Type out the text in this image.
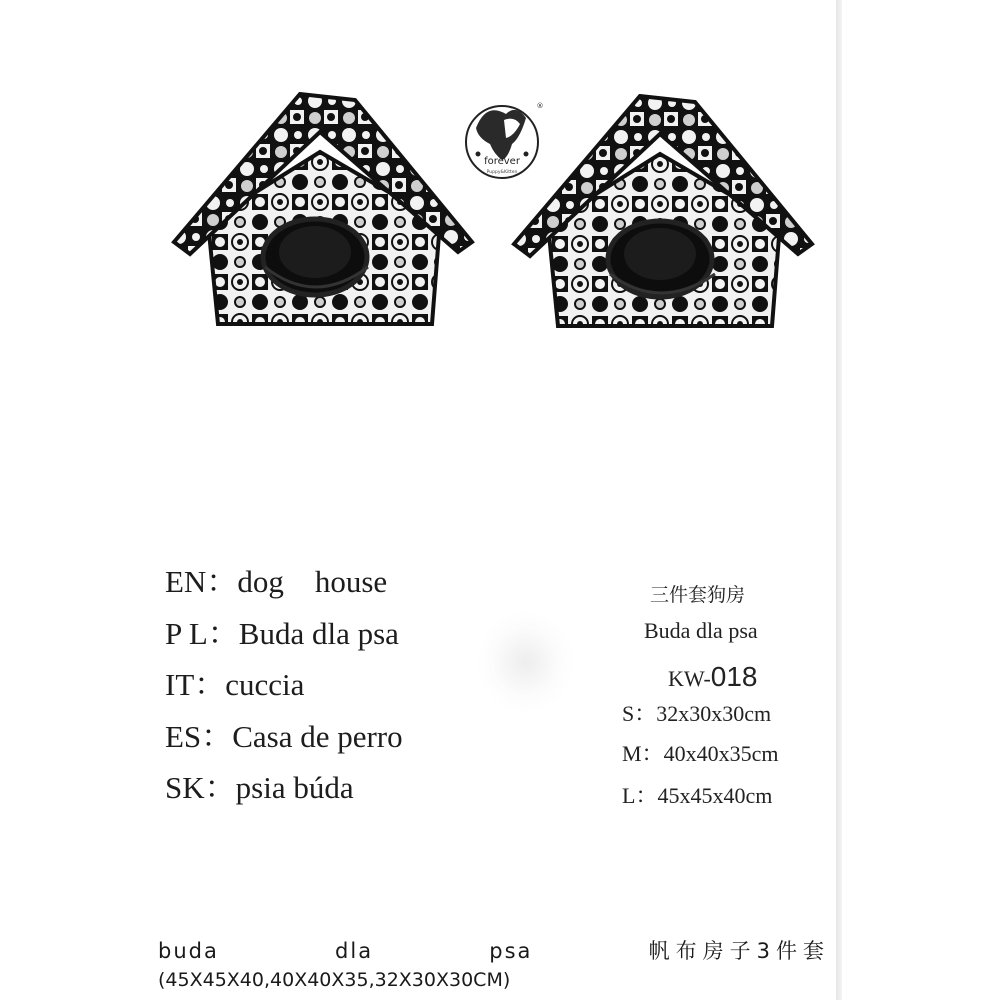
forever
Puppy&Kitten
®
EN：dog    house
P L：Buda dla psa
IT：cuccia
ES：Casa de perro
SK：psia búda
三件套狗房
Buda dla psa
KW-018
S：32x30x30cm
M：40x40x35cm
L：45x45x40cm
buda	dla	psa	帆布房子3件套
(45X45X40,40X40X35,32X30X30CM)
